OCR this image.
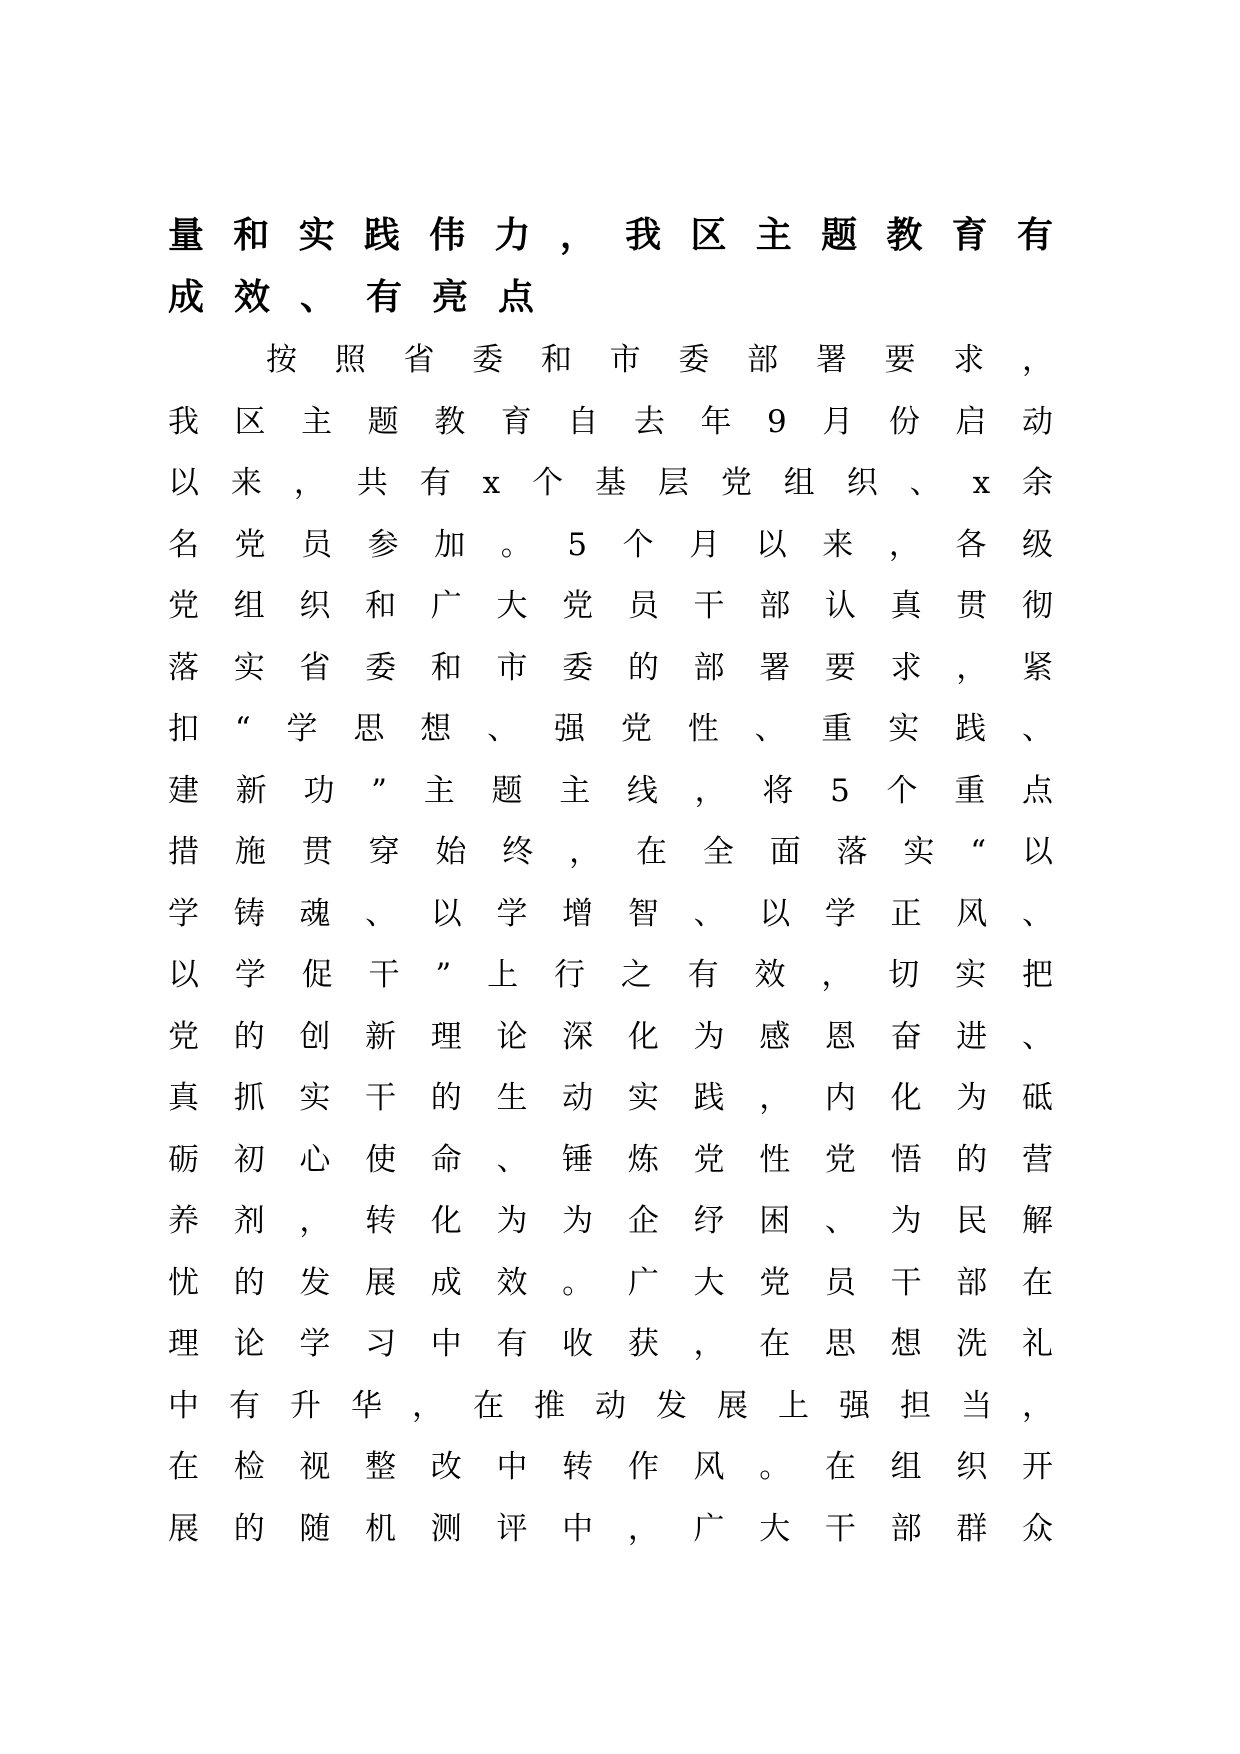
量和实践伟力，我区主题教育有
成效、有亮点
按照省委和市委部署要求，
我区主题教育自去年9月份启动
以来，共有x个基层党组织、x余
名党员参加。5个月以来，各级
党组织和广大党员干部认真贯彻
落实省委和市委的部署要求，紧
扣“学思想、强党性、重实践、
建新功”主题主线，将5个重点
措施贯穿始终，在全面落实“以
学铸魂、以学增智、以学正风、
以学促干”上行之有效，切实把
党的创新理论深化为感恩奋进、
真抓实干的生动实践，内化为砥
砺初心使命、锤炼党性党悟的营
养剂，转化为为企纾困、为民解
忧的发展成效。广大党员干部在
理论学习中有收获，在思想洗礼
中有升华，在推动发展上强担当，
在检视整改中转作风。在组织开
展的随机测评中，广大干部群众
